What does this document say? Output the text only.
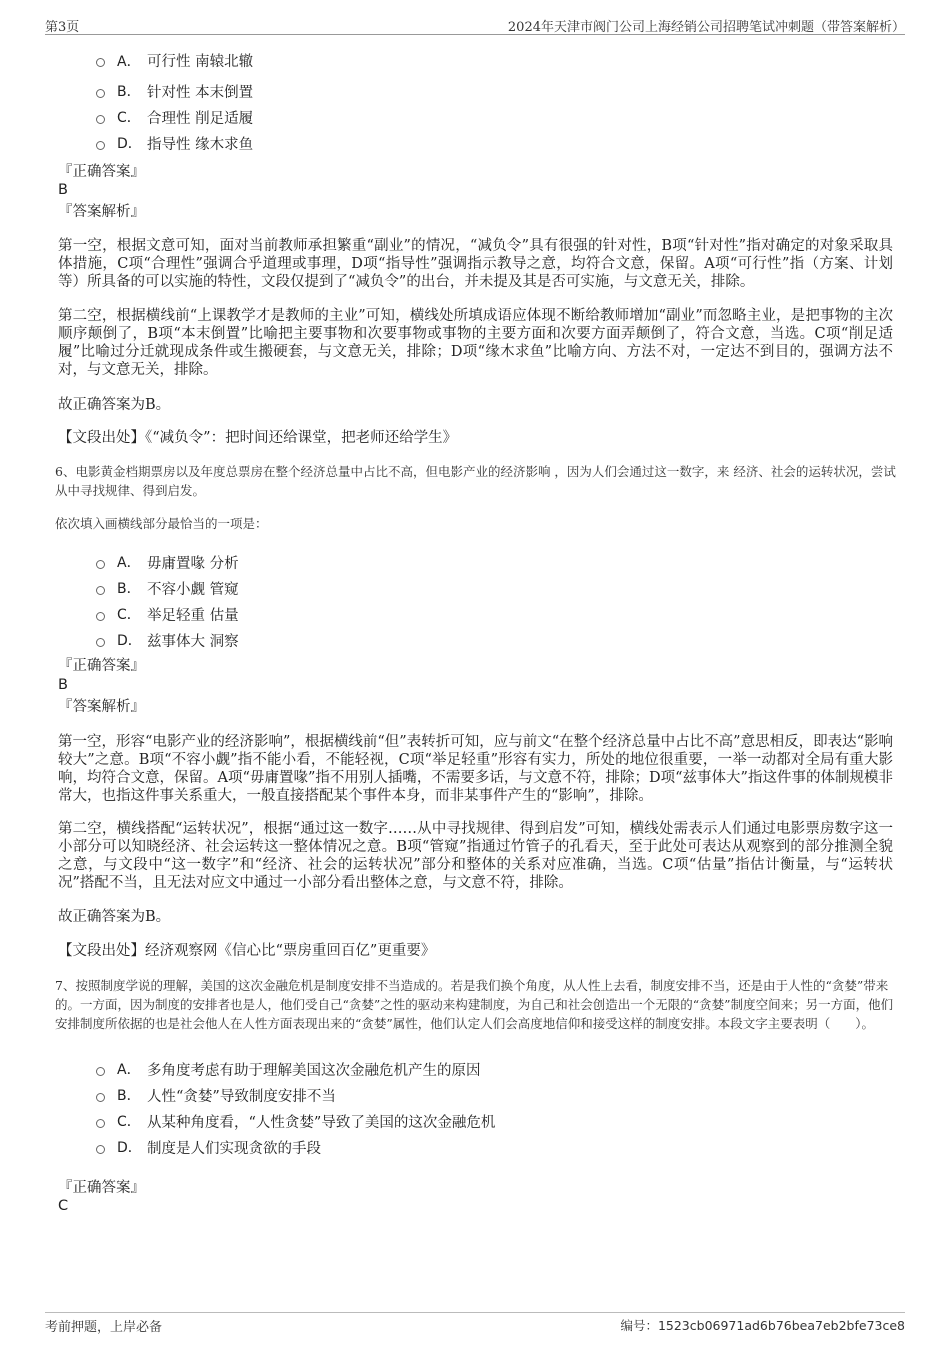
第3页	2024年天津市阀门公司上海经销公司招聘笔试冲刺题（带答案解析）
A． 可行性 南辕北辙
B． 针对性 本末倒置
C． 合理性 削足适履
D． 指导性 缘木求鱼
『正确答案』
B
『答案解析』
第一空，根据文意可知，面对当前教师承担繁重“副业”的情况，“减负令”具有很强的针对性，B项“针对性”指对确定的对象采取具体措施，C项“合理性”强调合乎道理或事理，D项“指导性”强调指示教导之意，均符合文意，保留。A项“可行性”指（方案、计划等）所具备的可以实施的特性，文段仅提到了“减负令”的出台，并未提及其是否可实施，与文意无关，排除。
第二空，根据横线前“上课教学才是教师的主业”可知，横线处所填成语应体现不断给教师增加“副业”而忽略主业，是把事物的主次顺序颠倒了，B项“本末倒置”比喻把主要事物和次要事物或事物的主要方面和次要方面弄颠倒了，符合文意，当选。C项“削足适履”比喻过分迁就现成条件或生搬硬套，与文意无关，排除；D项“缘木求鱼”比喻方向、方法不对，一定达不到目的，强调方法不对，与文意无关，排除。
故正确答案为B。
【文段出处】《“减负令”：把时间还给课堂，把老师还给学生》
6、电影黄金档期票房以及年度总票房在整个经济总量中占比不高，但电影产业的经济影响 ，因为人们会通过这一数字，来 经济、社会的运转状况，尝试从中寻找规律、得到启发。
依次填入画横线部分最恰当的一项是：
A． 毋庸置喙 分析
B． 不容小觑 管窥
C． 举足轻重 估量
D． 兹事体大 洞察
『正确答案』
B
『答案解析』
第一空，形容“电影产业的经济影响”，根据横线前“但”表转折可知，应与前文“在整个经济总量中占比不高”意思相反，即表达“影响较大”之意。B项“不容小觑”指不能小看，不能轻视，C项“举足轻重”形容有实力，所处的地位很重要，一举一动都对全局有重大影响，均符合文意，保留。A项“毋庸置喙”指不用别人插嘴，不需要多话，与文意不符，排除；D项“兹事体大”指这件事的体制规模非常大，也指这件事关系重大，一般直接搭配某个事件本身，而非某事件产生的“影响”，排除。
第二空，横线搭配“运转状况”，根据“通过这一数字……从中寻找规律、得到启发”可知，横线处需表示人们通过电影票房数字这一小部分可以知晓经济、社会运转这一整体情况之意。B项“管窥”指通过竹管子的孔看天，至于此处可表达从观察到的部分推测全貌之意，与文段中“这一数字”和“经济、社会的运转状况”部分和整体的关系对应准确，当选。C项“估量”指估计衡量，与“运转状况”搭配不当，且无法对应文中通过一小部分看出整体之意，与文意不符，排除。
故正确答案为B。
【文段出处】经济观察网《信心比“票房重回百亿”更重要》
7、按照制度学说的理解，美国的这次金融危机是制度安排不当造成的。若是我们换个角度，从人性上去看，制度安排不当，还是由于人性的“贪婪”带来的。一方面，因为制度的安排者也是人，他们受自己“贪婪”之性的驱动来构建制度，为自己和社会创造出一个无限的“贪婪”制度空间来；另一方面，他们安排制度所依据的也是社会他人在人性方面表现出来的“贪婪”属性，他们认定人们会高度地信仰和接受这样的制度安排。本段文字主要表明（　　）。
A． 多角度考虑有助于理解美国这次金融危机产生的原因
B． 人性“贪婪”导致制度安排不当
C． 从某种角度看，“人性贪婪”导致了美国的这次金融危机
D． 制度是人们实现贪欲的手段
『正确答案』
C
考前押题，上岸必备	编号：1523cb06971ad6b76bea7eb2bfe73ce8
